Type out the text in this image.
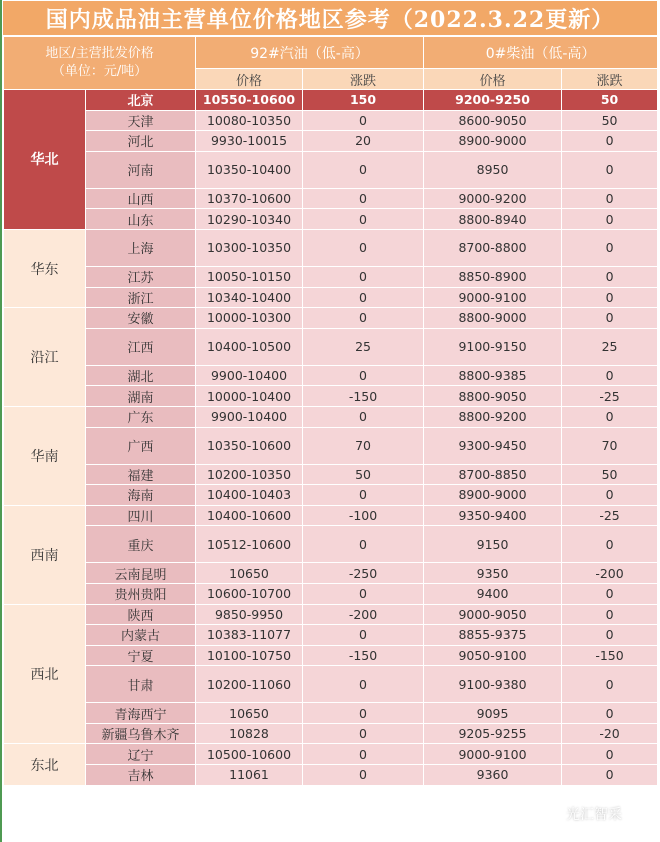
国内成品油主营单位价格地区参考（2022.3.22更新）
地区/主营批发价格
（单位：元/吨）		92#汽油（低-高）		0#柴油（低-高）	
		价格	涨跌	价格	涨跌
华北	北京	10550-10600	150	9200-9250	50
	天津	10080-10350	0	8600-9050	50
	河北	9930-10015	20	8900-9000	0
	河南	10350-10400	0	8950	0
	山西	10370-10600	0	9000-9200	0
	山东	10290-10340	0	8800-8940	0
华东	上海	10300-10350	0	8700-8800	0
	江苏	10050-10150	0	8850-8900	0
	浙江	10340-10400	0	9000-9100	0
沿江	安徽	10000-10300	0	8800-9000	0
	江西	10400-10500	25	9100-9150	25
	湖北	9900-10400	0	8800-9385	0
	湖南	10000-10400	-150	8800-9050	-25
华南	广东	9900-10400	0	8800-9200	0
	广西	10350-10600	70	9300-9450	70
	福建	10200-10350	50	8700-8850	50
	海南	10400-10403	0	8900-9000	0
西南	四川	10400-10600	-100	9350-9400	-25
	重庆	10512-10600	0	9150	0
	云南昆明	10650	-250	9350	-200
	贵州贵阳	10600-10700	0	9400	0
西北	陕西	9850-9950	-200	9000-9050	0
	内蒙古	10383-11077	0	8855-9375	0
	宁夏	10100-10750	-150	9050-9100	-150
	甘肃	10200-11060	0	9100-9380	0
	青海西宁	10650	0	9095	0
	新疆乌鲁木齐	10828	0	9205-9255	-20
东北	辽宁	10500-10600	0	9000-9100	0
	吉林	11061	0	9360	0
光汇智采
